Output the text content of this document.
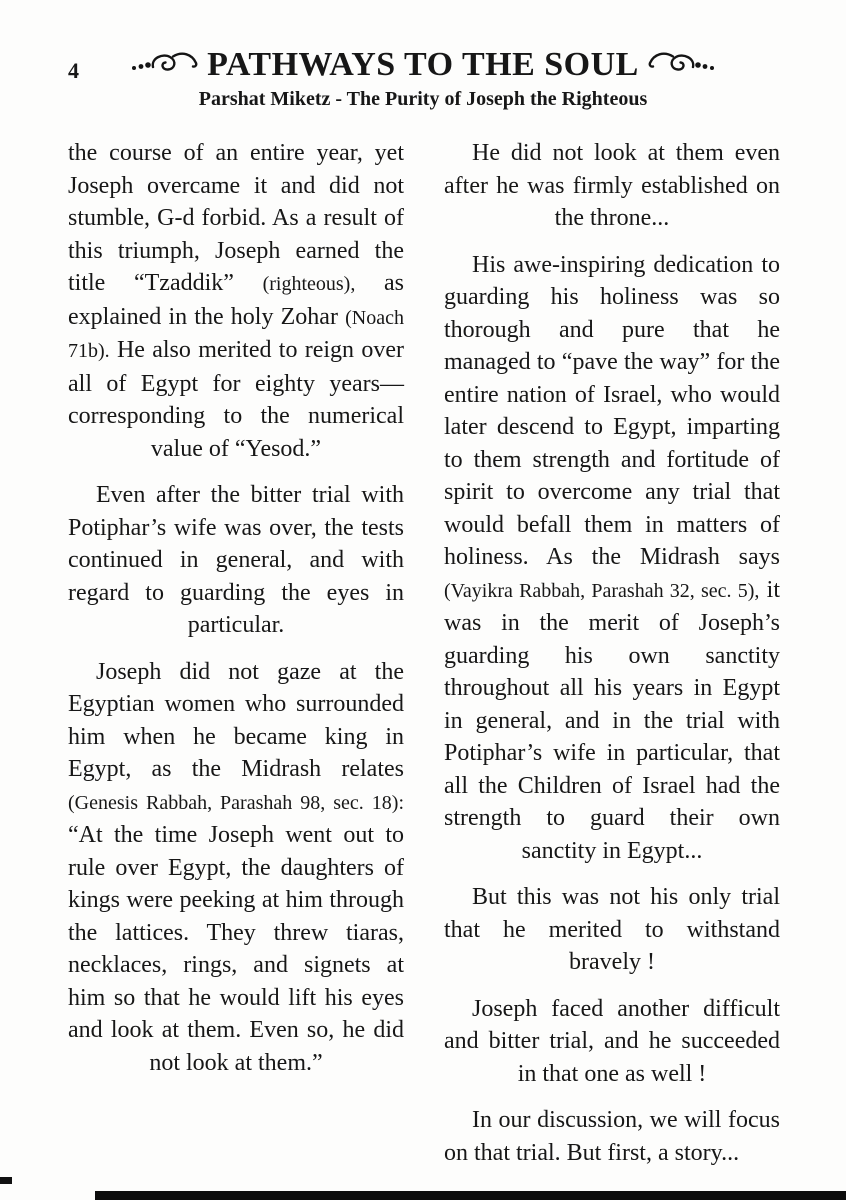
4	PATHWAYS TO THE SOUL
Parshat Miketz - The Purity of Joseph the Righteous

the course of an entire year, yet Joseph overcame it and did not stumble, G-d forbid. As a result of this triumph, Joseph earned the title “Tzaddik” (righteous), as explained in the holy Zohar (Noach 71b). He also merited to reign over all of Egypt for eighty years—corresponding to the numerical value of “Yesod.”

Even after the bitter trial with Potiphar’s wife was over, the tests continued in general, and with regard to guarding the eyes in particular.

Joseph did not gaze at the Egyptian women who surrounded him when he became king in Egypt, as the Midrash relates (Genesis Rabbah, Parashah 98, sec. 18): “At the time Joseph went out to rule over Egypt, the daughters of kings were peeking at him through the lattices. They threw tiaras, necklaces, rings, and signets at him so that he would lift his eyes and look at them. Even so, he did not look at them.”

He did not look at them even after he was firmly established on the throne...

His awe-inspiring dedication to guarding his holiness was so thorough and pure that he managed to “pave the way” for the entire nation of Israel, who would later descend to Egypt, imparting to them strength and fortitude of spirit to overcome any trial that would befall them in matters of holiness. As the Midrash says (Vayikra Rabbah, Parashah 32, sec. 5), it was in the merit of Joseph’s guarding his own sanctity throughout all his years in Egypt in general, and in the trial with Potiphar’s wife in particular, that all the Children of Israel had the strength to guard their own sanctity in Egypt...

But this was not his only trial that he merited to withstand bravely !

Joseph faced another difficult and bitter trial, and he succeeded in that one as well !

In our discussion, we will focus on that trial. But first, a story...
